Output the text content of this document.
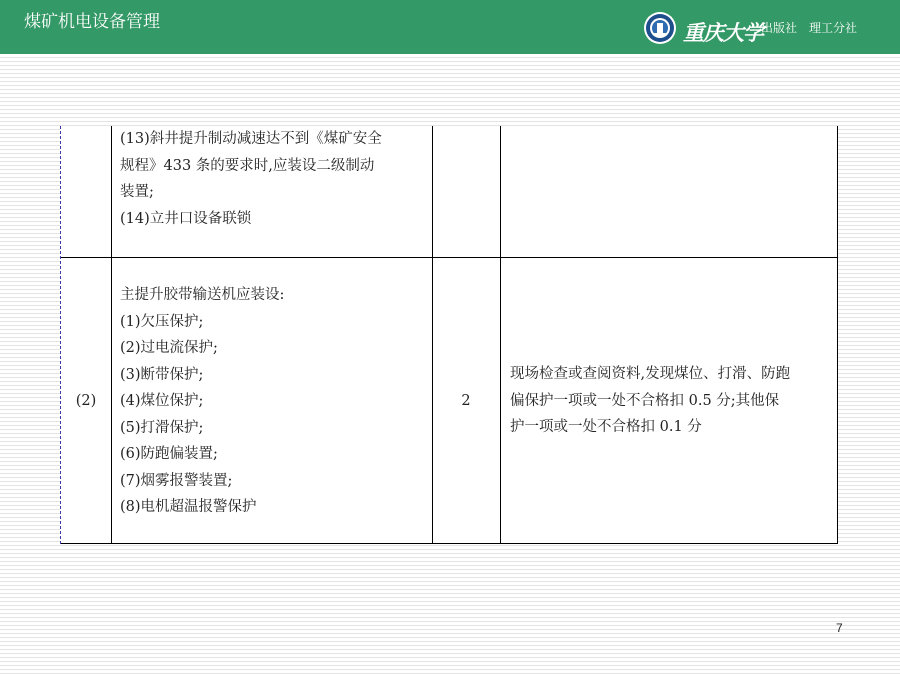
煤矿机电设备管理	重庆大学
出版社　理工分社
(13)斜井提升制动减速达不到《煤矿安全
规程》433 条的要求时,应装设二级制动
装置;
(14)立井口设备联锁
(2)
主提升胶带输送机应装设:
(1)欠压保护;
(2)过电流保护;
(3)断带保护;
(4)煤位保护;
(5)打滑保护;
(6)防跑偏装置;
(7)烟雾报警装置;
(8)电机超温报警保护
2
现场检查或查阅资料,发现煤位、打滑、防跑
偏保护一项或一处不合格扣 0.5 分;其他保
护一项或一处不合格扣 0.1 分
7
